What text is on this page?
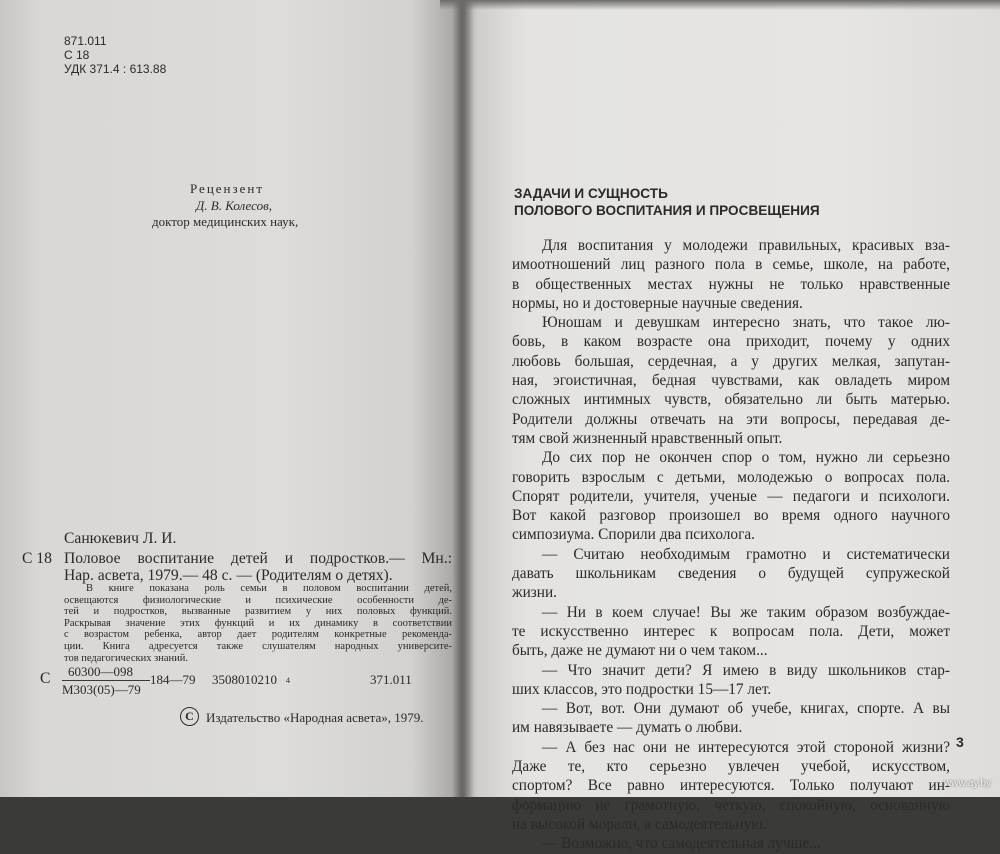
871.011
С 18
УДК 371.4 : 613.88
Рецензент
Д. В. Колесов,
доктор медицинских наук,
Санюкевич Л. И.
С 18 Половое воспитание детей и подростков.— Мн.:
Нар. асвета, 1979.— 48 с. — (Родителям о детях).
В книге показана роль семьи в половом воспитании детей,
освещаются физиологические и психические особенности де-
тей и подростков, вызванные развитием у них половых функций.
Раскрывая значение этих функций и их динамику в соответствии
с возрастом ребенка, автор дает родителям конкретные рекоменда-
ции. Книга адресуется также слушателям народных университе-
тов педагогических знаний.
С 60300—098
М303(05)—79
184—79 3508010210 4	371.011
C Издательство «Народная асвета», 1979.
ЗАДАЧИ И СУЩНОСТЬ
ПОЛОВОГО ВОСПИТАНИЯ И ПРОСВЕЩЕНИЯ
Для воспитания у молодежи правильных, красивых вза-
имоотношений лиц разного пола в семье, школе, на работе,
в общественных местах нужны не только нравственные
нормы, но и достоверные научные сведения.
Юношам и девушкам интересно знать, что такое лю-
бовь, в каком возрасте она приходит, почему у одних
любовь большая, сердечная, а у других мелкая, запутан-
ная, эгоистичная, бедная чувствами, как овладеть миром
сложных интимных чувств, обязательно ли быть матерью.
Родители должны отвечать на эти вопросы, передавая де-
тям свой жизненный нравственный опыт.
До сих пор не окончен спор о том, нужно ли серьезно
говорить взрослым с детьми, молодежью о вопросах пола.
Спорят родители, учителя, ученые — педагоги и психологи.
Вот какой разговор произошел во время одного научного
симпозиума. Спорили два психолога.
— Считаю необходимым грамотно и систематически
давать школьникам сведения о будущей супружеской
жизни.
— Ни в коем случае! Вы же таким образом возбуждае-
те искусственно интерес к вопросам пола. Дети, может
быть, даже не думают ни о чем таком...
— Что значит дети? Я имею в виду школьников стар-
ших классов, это подростки 15—17 лет.
— Вот, вот. Они думают об учебе, книгах, спорте. А вы
им навязываете — думать о любви.
— А без нас они не интересуются этой стороной жизни?
Даже те, кто серьезно увлечен учебой, искусством,
спортом? Все равно интересуются. Только получают ин-
формацию не грамотную, четкую, спокойную, основанную
на высокой морали, а самодеятельную.
— Возможно, что самодеятельная лучше...
3
www.ay.by
